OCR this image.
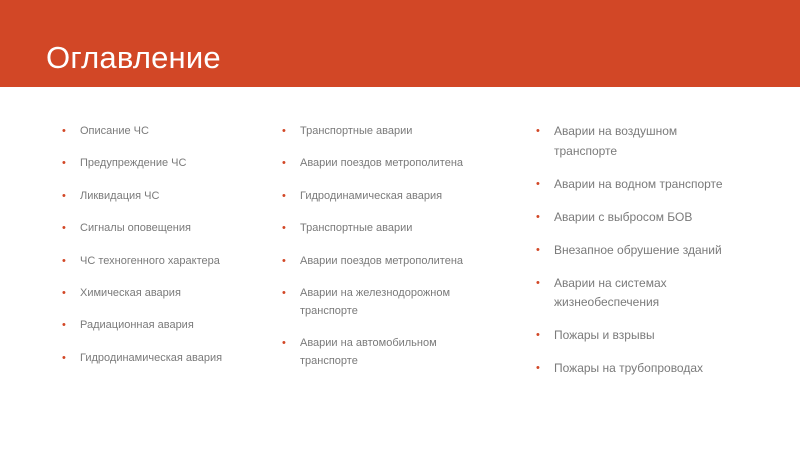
Оглавление
• Описание ЧС
• Предупреждение ЧС
• Ликвидация ЧС
• Сигналы оповещения
• ЧС техногенного характера
• Химическая авария
• Радиационная авария
• Гидродинамическая авария
• Транспортные аварии
• Аварии поездов метрополитена
• Гидродинамическая авария
• Транспортные аварии
• Аварии поездов метрополитена
• Аварии на железнодорожном транспорте
• Аварии на автомобильном транспорте
• Аварии на воздушном транспорте
• Аварии на водном транспорте
• Аварии с выбросом БОВ
• Внезапное обрушение зданий
• Аварии на системах жизнеобеспечения
• Пожары и взрывы
• Пожары на трубопроводах
